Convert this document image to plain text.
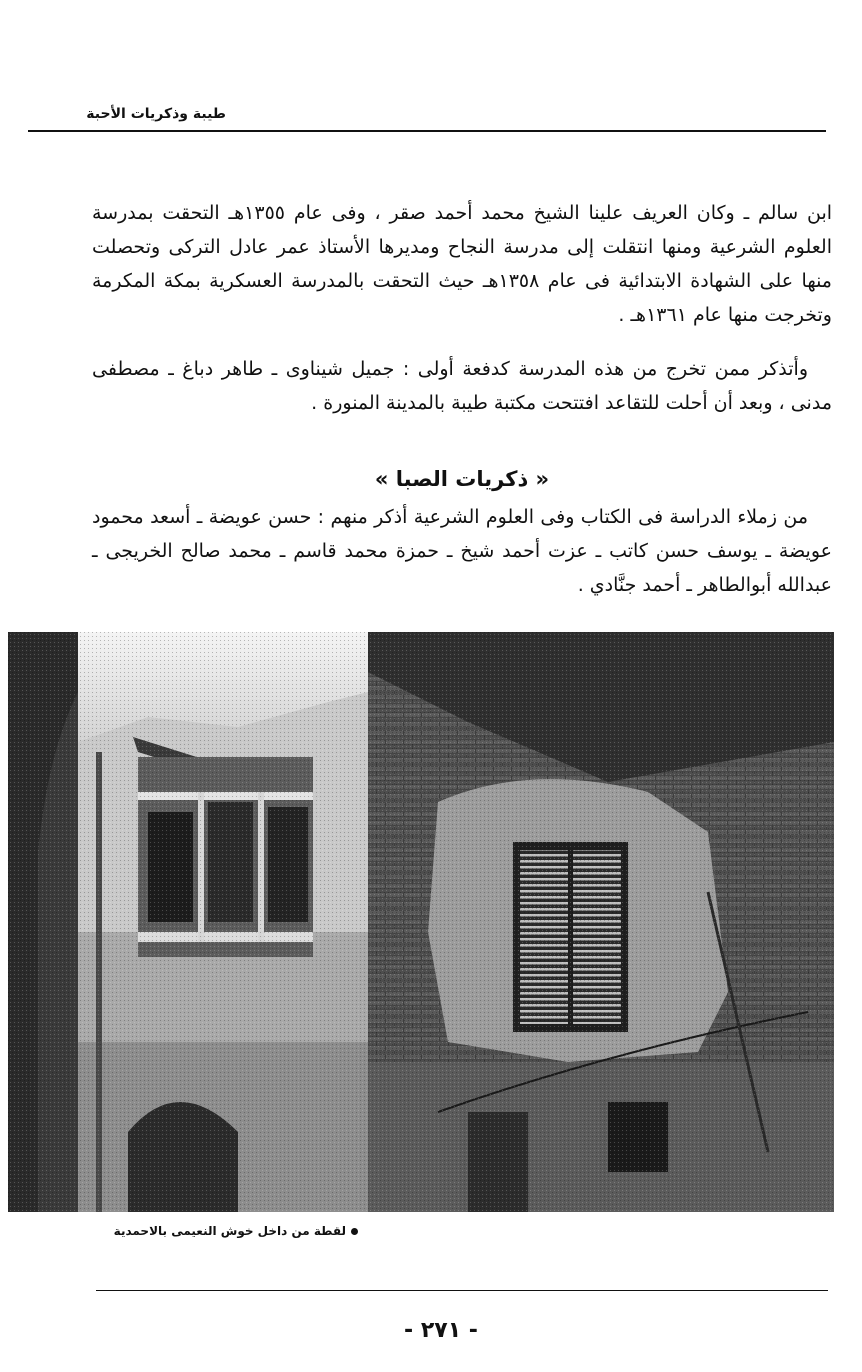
طيبة وذكريات الأحبة

ابن سالم ـ وكان العريف علينا الشيخ محمد أحمد صقر ، وفى عام ١٣٥٥هـ التحقت بمدرسة العلوم الشرعية ومنها انتقلت إلى مدرسة النجاح ومديرها الأستاذ عمر عادل التركى وتحصلت منها على الشهادة الابتدائية فى عام ١٣٥٨هـ حيث التحقت بالمدرسة العسكرية بمكة المكرمة وتخرجت منها عام ١٣٦١هـ .

وأتذكر ممن تخرج من هذه المدرسة كدفعة أولى : جميل شيناوى ـ طاهر دباغ ـ مصطفى مدنى ، وبعد أن أحلت للتقاعد افتتحت مكتبة طيبة بالمدينة المنورة .

« ذكريات الصبا »

من زملاء الدراسة فى الكتاب وفى العلوم الشرعية أذكر منهم : حسن عويضة ـ أسعد محمود عويضة ـ يوسف حسن كاتب ـ عزت أحمد شيخ ـ حمزة محمد قاسم ـ محمد صالح الخريجى ـ عبدالله أبوالطاهر ـ أحمد جنَّادي .

لقطة من داخل خوش النعيمى بالاحمدية
- ٢٧١ -
